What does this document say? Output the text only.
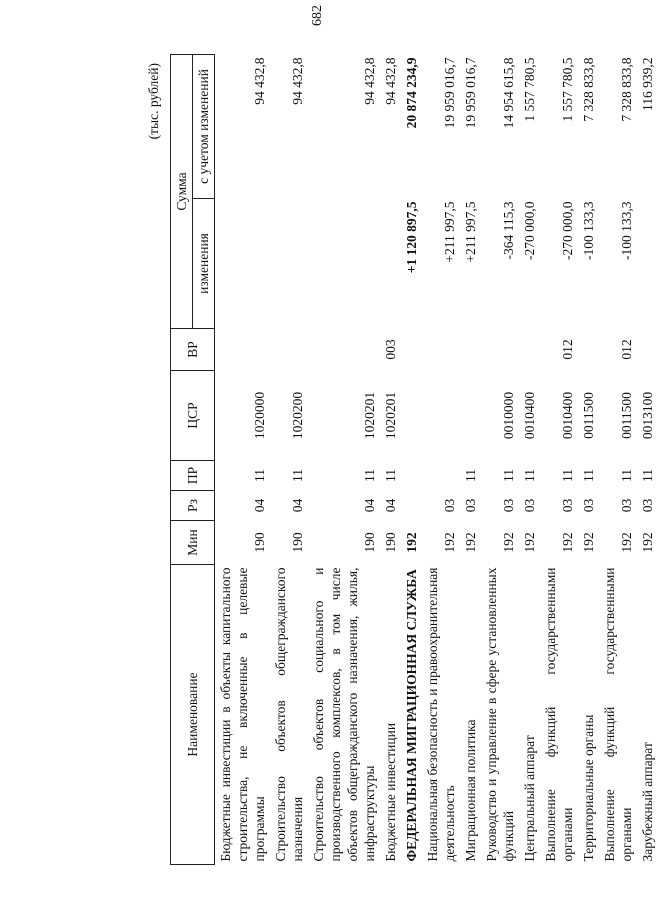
682
(тыс. рублей)
Наименование	Мин	Рз	ПР	ЦСР	ВР	Сумма	
						изменения	с учетом изменений
Бюджетные инвестиции в объекты капитального строительства, не включенные в целевые программы	190	04	11	1020000			94 432,8
Строительство объектов общегражданского назначения	190	04	11	1020200			94 432,8
Строительство объектов социального и производственного комплексов, в том числе объектов общегражданского назначения, жилья, инфраструктуры	190	04	11	1020201			94 432,8
Бюджетные инвестиции	190	04	11	1020201	003		94 432,8
ФЕДЕРАЛЬНАЯ МИГРАЦИОННАЯ СЛУЖБА	192					+1 120 897,5	20 874 234,9
Национальная безопасность и правоохранительная деятельность	192	03				+211 997,5	19 959 016,7
Миграционная политика	192	03	11			+211 997,5	19 959 016,7
Руководство и управление в сфере установленных функций	192	03	11	0010000		-364 115,3	14 954 615,8
Центральный аппарат	192	03	11	0010400		-270 000,0	1 557 780,5
Выполнение функций государственными органами	192	03	11	0010400	012	-270 000,0	1 557 780,5
Территориальные органы	192	03	11	0011500		-100 133,3	7 328 833,8
Выполнение функций государственными органами	192	03	11	0011500	012	-100 133,3	7 328 833,8
Зарубежный аппарат	192	03	11	0013100			116 939,2
